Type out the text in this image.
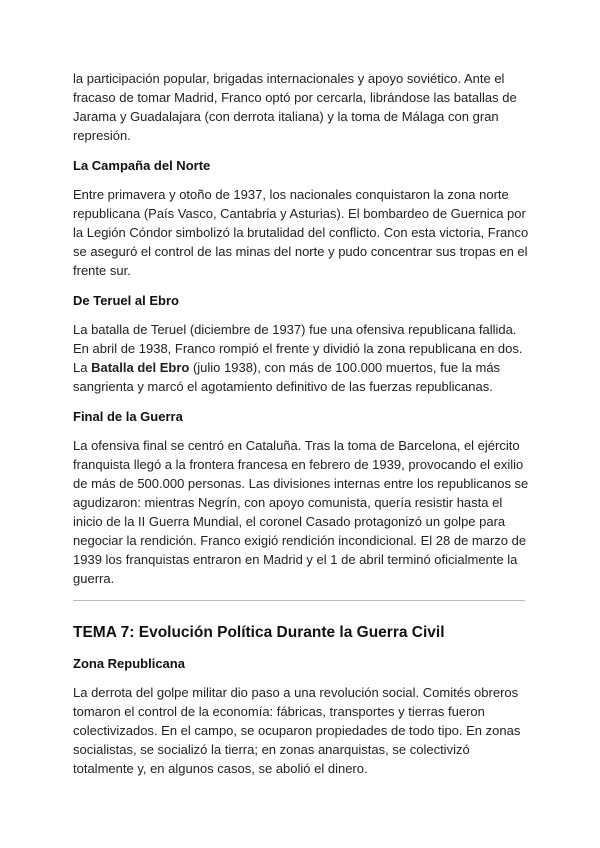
la participación popular, brigadas internacionales y apoyo soviético. Ante el fracaso de tomar Madrid, Franco optó por cercarla, librándose las batallas de Jarama y Guadalajara (con derrota italiana) y la toma de Málaga con gran represión.

La Campaña del Norte

Entre primavera y otoño de 1937, los nacionales conquistaron la zona norte republicana (País Vasco, Cantabria y Asturias). El bombardeo de Guernica por la Legión Cóndor simbolizó la brutalidad del conflicto. Con esta victoria, Franco se aseguró el control de las minas del norte y pudo concentrar sus tropas en el frente sur.

De Teruel al Ebro

La batalla de Teruel (diciembre de 1937) fue una ofensiva republicana fallida. En abril de 1938, Franco rompió el frente y dividió la zona republicana en dos. La Batalla del Ebro (julio 1938), con más de 100.000 muertos, fue la más sangrienta y marcó el agotamiento definitivo de las fuerzas republicanas.

Final de la Guerra

La ofensiva final se centró en Cataluña. Tras la toma de Barcelona, el ejército franquista llegó a la frontera francesa en febrero de 1939, provocando el exilio de más de 500.000 personas. Las divisiones internas entre los republicanos se agudizaron: mientras Negrín, con apoyo comunista, quería resistir hasta el inicio de la II Guerra Mundial, el coronel Casado protagonizó un golpe para negociar la rendición. Franco exigió rendición incondicional. El 28 de marzo de 1939 los franquistas entraron en Madrid y el 1 de abril terminó oficialmente la guerra.

TEMA 7: Evolución Política Durante la Guerra Civil
Zona Republicana

La derrota del golpe militar dio paso a una revolución social. Comités obreros tomaron el control de la economía: fábricas, transportes y tierras fueron colectivizados. En el campo, se ocuparon propiedades de todo tipo. En zonas socialistas, se socializó la tierra; en zonas anarquistas, se colectivizó totalmente y, en algunos casos, se abolió el dinero.
